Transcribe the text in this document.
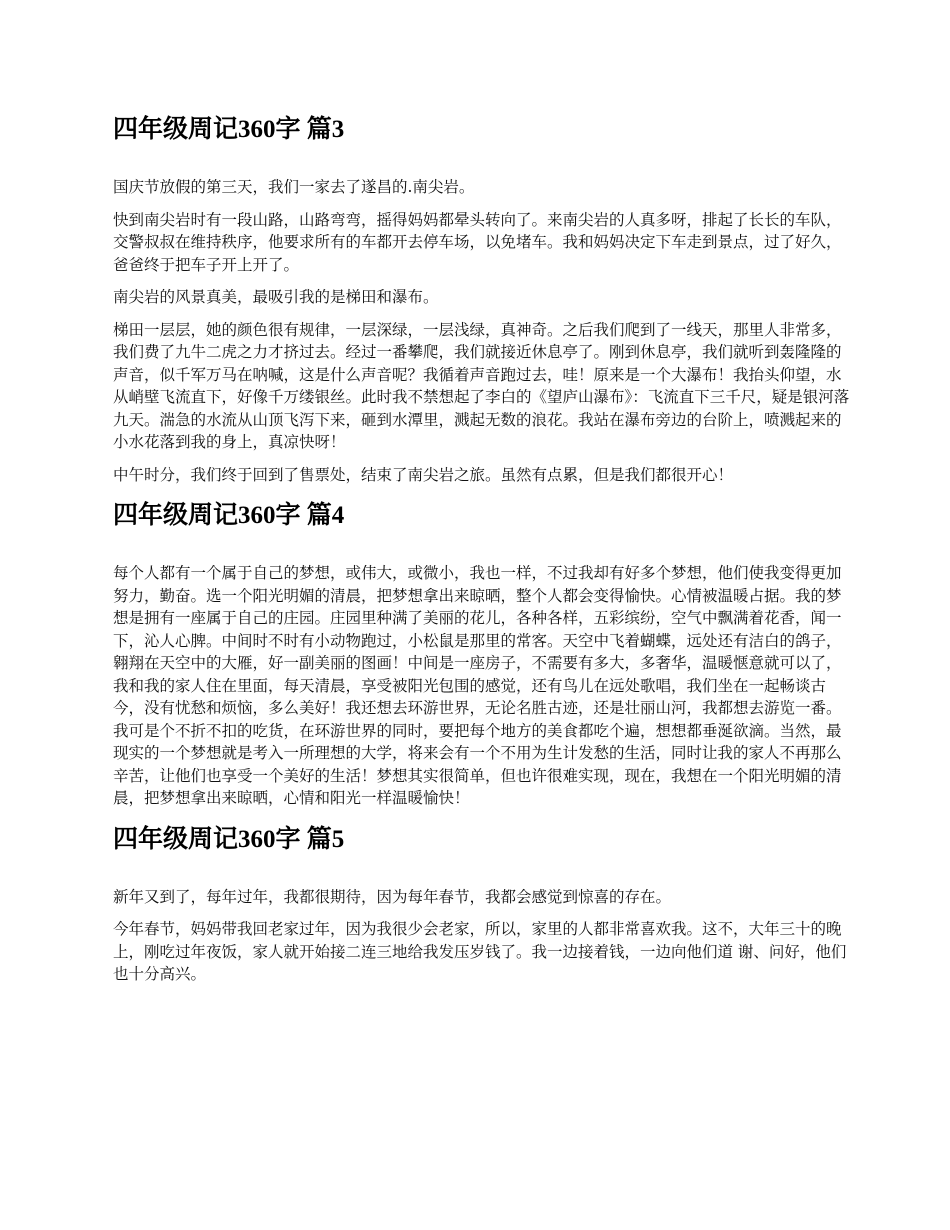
四年级周记360字 篇3

国庆节放假的第三天，我们一家去了遂昌的.南尖岩。

快到南尖岩时有一段山路，山路弯弯，摇得妈妈都晕头转向了。来南尖岩的人真多呀，排起了长长的车队，交警叔叔在维持秩序，他要求所有的车都开去停车场，以免堵车。我和妈妈决定下车走到景点，过了好久，爸爸终于把车子开上开了。

南尖岩的风景真美，最吸引我的是梯田和瀑布。

梯田一层层，她的颜色很有规律，一层深绿，一层浅绿，真神奇。之后我们爬到了一线天，那里人非常多，我们费了九牛二虎之力才挤过去。经过一番攀爬，我们就接近休息亭了。刚到休息亭，我们就听到轰隆隆的声音，似千军万马在呐喊，这是什么声音呢？我循着声音跑过去，哇！原来是一个大瀑布！我抬头仰望，水从峭壁飞流直下，好像千万缕银丝。此时我不禁想起了李白的《望庐山瀑布》：飞流直下三千尺，疑是银河落九天。湍急的水流从山顶飞泻下来，砸到水潭里，溅起无数的浪花。我站在瀑布旁边的台阶上，喷溅起来的小水花落到我的身上，真凉快呀！

中午时分，我们终于回到了售票处，结束了南尖岩之旅。虽然有点累，但是我们都很开心！

四年级周记360字 篇4

每个人都有一个属于自己的梦想，或伟大，或微小，我也一样，不过我却有好多个梦想，他们使我变得更加努力，勤奋。选一个阳光明媚的清晨，把梦想拿出来晾晒，整个人都会变得愉快。心情被温暖占据。我的梦想是拥有一座属于自己的庄园。庄园里种满了美丽的花儿，各种各样，五彩缤纷，空气中飘满着花香，闻一下，沁人心脾。中间时不时有小动物跑过，小松鼠是那里的常客。天空中飞着蝴蝶，远处还有洁白的鸽子，翱翔在天空中的大雁，好一副美丽的图画！中间是一座房子，不需要有多大，多奢华，温暖惬意就可以了，我和我的家人住在里面，每天清晨，享受被阳光包围的感觉，还有鸟儿在远处歌唱，我们坐在一起畅谈古今，没有忧愁和烦恼，多么美好！我还想去环游世界，无论名胜古迹，还是壮丽山河，我都想去游览一番。我可是个不折不扣的吃货，在环游世界的同时，要把每个地方的美食都吃个遍，想想都垂涎欲滴。当然，最现实的一个梦想就是考入一所理想的大学，将来会有一个不用为生计发愁的生活，同时让我的家人不再那么辛苦，让他们也享受一个美好的生活！梦想其实很简单，但也许很难实现，现在，我想在一个阳光明媚的清晨，把梦想拿出来晾晒，心情和阳光一样温暖愉快！

四年级周记360字 篇5

新年又到了，每年过年，我都很期待，因为每年春节，我都会感觉到惊喜的存在。

今年春节，妈妈带我回老家过年，因为我很少会老家，所以，家里的人都非常喜欢我。这不，大年三十的晚上，刚吃过年夜饭，家人就开始接二连三地给我发压岁钱了。我一边接着钱，一边向他们道 谢、问好，他们也十分高兴。
